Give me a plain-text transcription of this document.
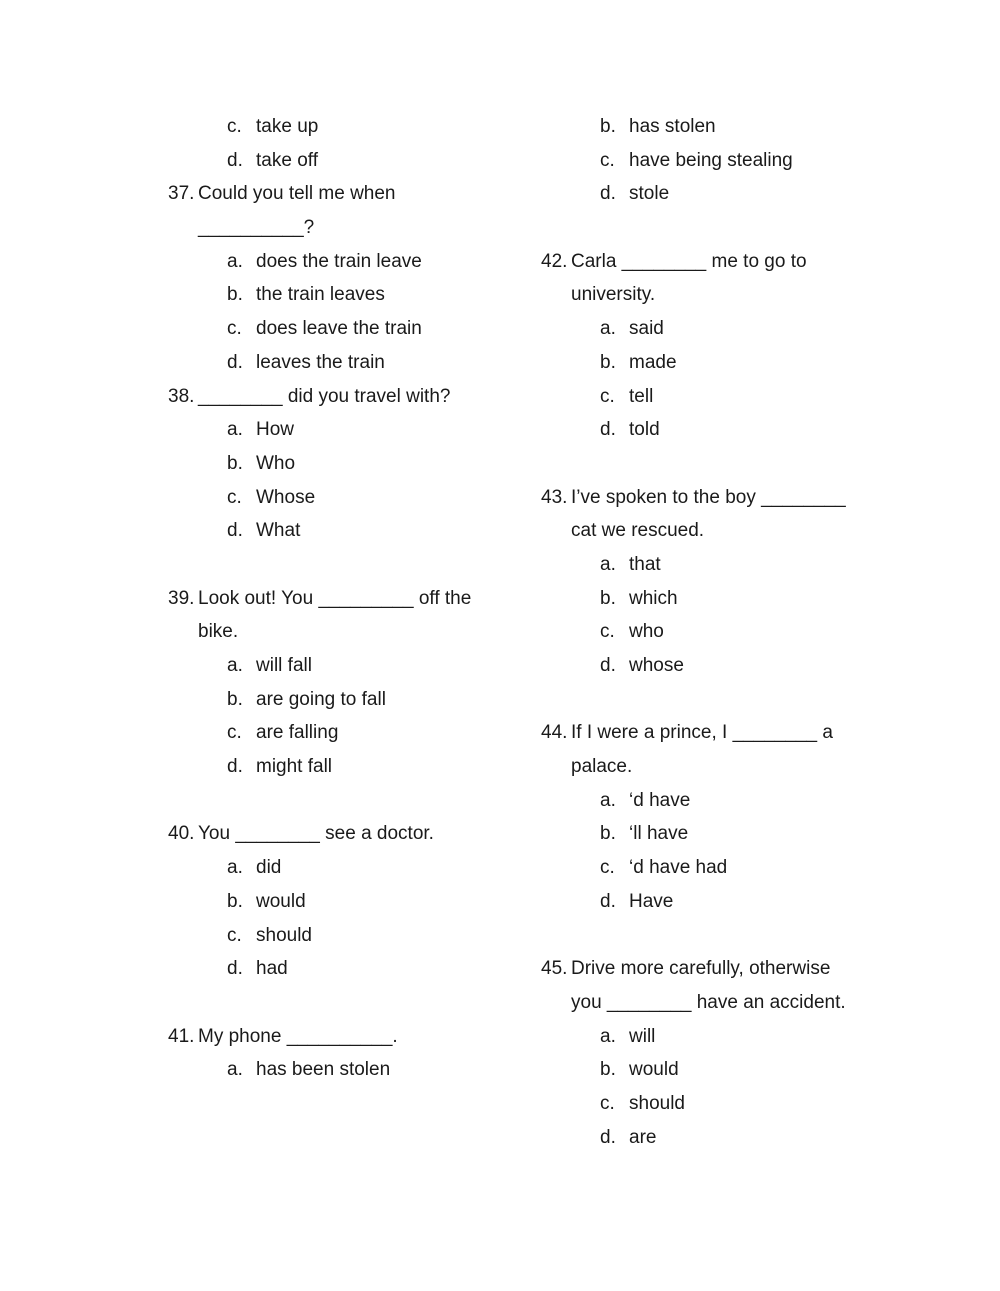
c. take up
d. take off
37. Could you tell me when
__________?
a. does the train leave
b. the train leaves
c. does leave the train
d. leaves the train
38. ________ did you travel with?
a. How
b. Who
c. Whose
d. What
39. Look out! You _________ off the
bike.
a. will fall
b. are going to fall
c. are falling
d. might fall
40. You ________ see a doctor.
a. did
b. would
c. should
d. had
41. My phone __________.
a. has been stolen
b. has stolen
c. have being stealing
d. stole
42. Carla ________ me to go to
university.
a. said
b. made
c. tell
d. told
43. I’ve spoken to the boy ________
cat we rescued.
a. that
b. which
c. who
d. whose
44. If I were a prince, I ________ a
palace.
a. ‘d have
b. ‘ll have
c. ‘d have had
d. Have
45. Drive more carefully, otherwise
you ________ have an accident.
a. will
b. would
c. should
d. are
